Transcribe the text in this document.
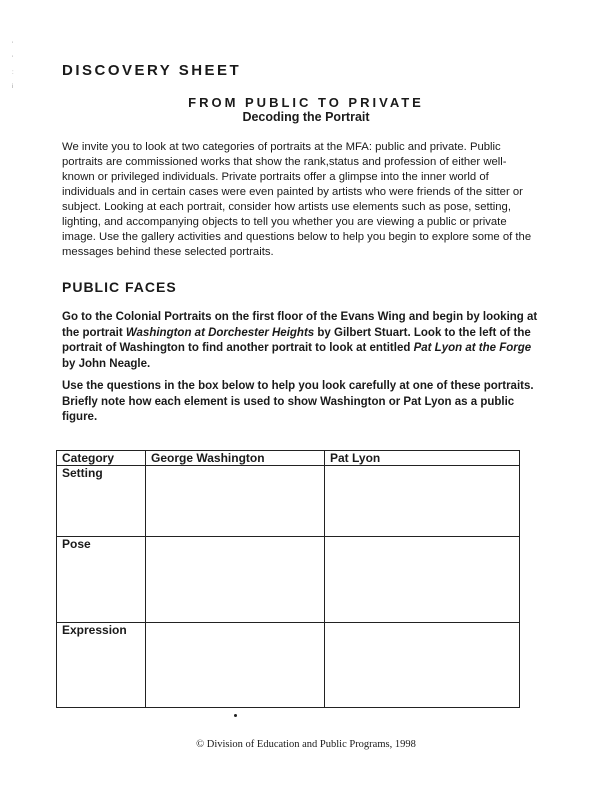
'
'
:
i
DISCOVERY SHEET
FROM PUBLIC TO PRIVATE
Decoding the Portrait

We invite you to look at two categories of portraits at the MFA: public and private. Public portraits are commissioned works that show the rank,status and profession of either well-known or privileged individuals. Private portraits offer a glimpse into the inner world of individuals and in certain cases were even painted by artists who were friends of the sitter or subject. Looking at each portrait, consider how artists use elements such as pose, setting, lighting, and accompanying objects to tell you whether you are viewing a public or private image. Use the gallery activities and questions below to help you begin to explore some of the messages behind these selected portraits.

PUBLIC FACES

Go to the Colonial Portraits on the first floor of the Evans Wing and begin by looking at the portrait Washington at Dorchester Heights by Gilbert Stuart. Look to the left of the portrait of Washington to find another portrait to look at entitled Pat Lyon at the Forge by John Neagle.

Use the questions in the box below to help you look carefully at one of these portraits. Briefly note how each element is used to show Washington or Pat Lyon as a public figure.

Category	George Washington	Pat Lyon
Setting
Pose
Expression
© Division of Education and Public Programs, 1998
